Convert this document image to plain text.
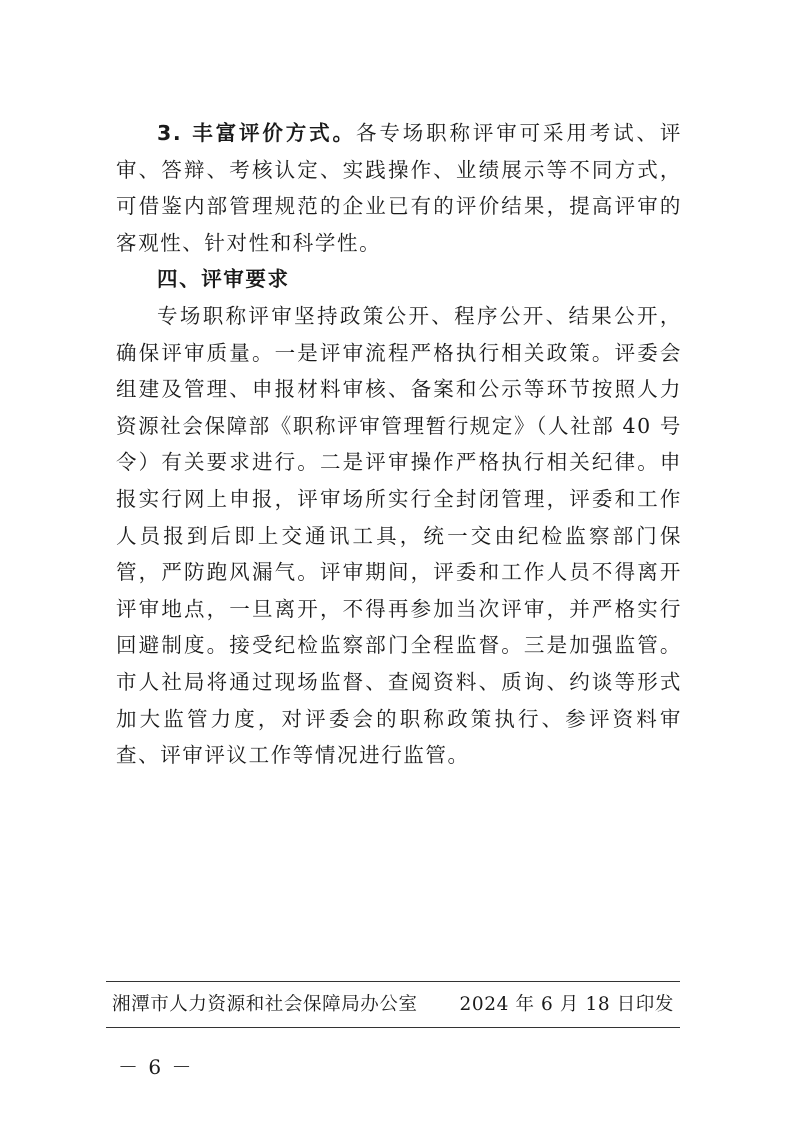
3. 丰富评价方式。各专场职称评审可采用考试、评审、答辩、考核认定、实践操作、业绩展示等不同方式，可借鉴内部管理规范的企业已有的评价结果，提高评审的客观性、针对性和科学性。

四、评审要求

专场职称评审坚持政策公开、程序公开、结果公开，确保评审质量。一是评审流程严格执行相关政策。评委会组建及管理、申报材料审核、备案和公示等环节按照人力资源社会保障部《职称评审管理暂行规定》（人社部 40 号令）有关要求进行。二是评审操作严格执行相关纪律。申报实行网上申报，评审场所实行全封闭管理，评委和工作人员报到后即上交通讯工具，统一交由纪检监察部门保管，严防跑风漏气。评审期间，评委和工作人员不得离开评审地点，一旦离开，不得再参加当次评审，并严格实行回避制度。接受纪检监察部门全程监督。三是加强监管。市人社局将通过现场监督、查阅资料、质询、约谈等形式加大监管力度，对评委会的职称政策执行、参评资料审查、评审评议工作等情况进行监管。

湘潭市人力资源和社会保障局办公室 2024 年 6 月 18 日印发
－ 6 －
